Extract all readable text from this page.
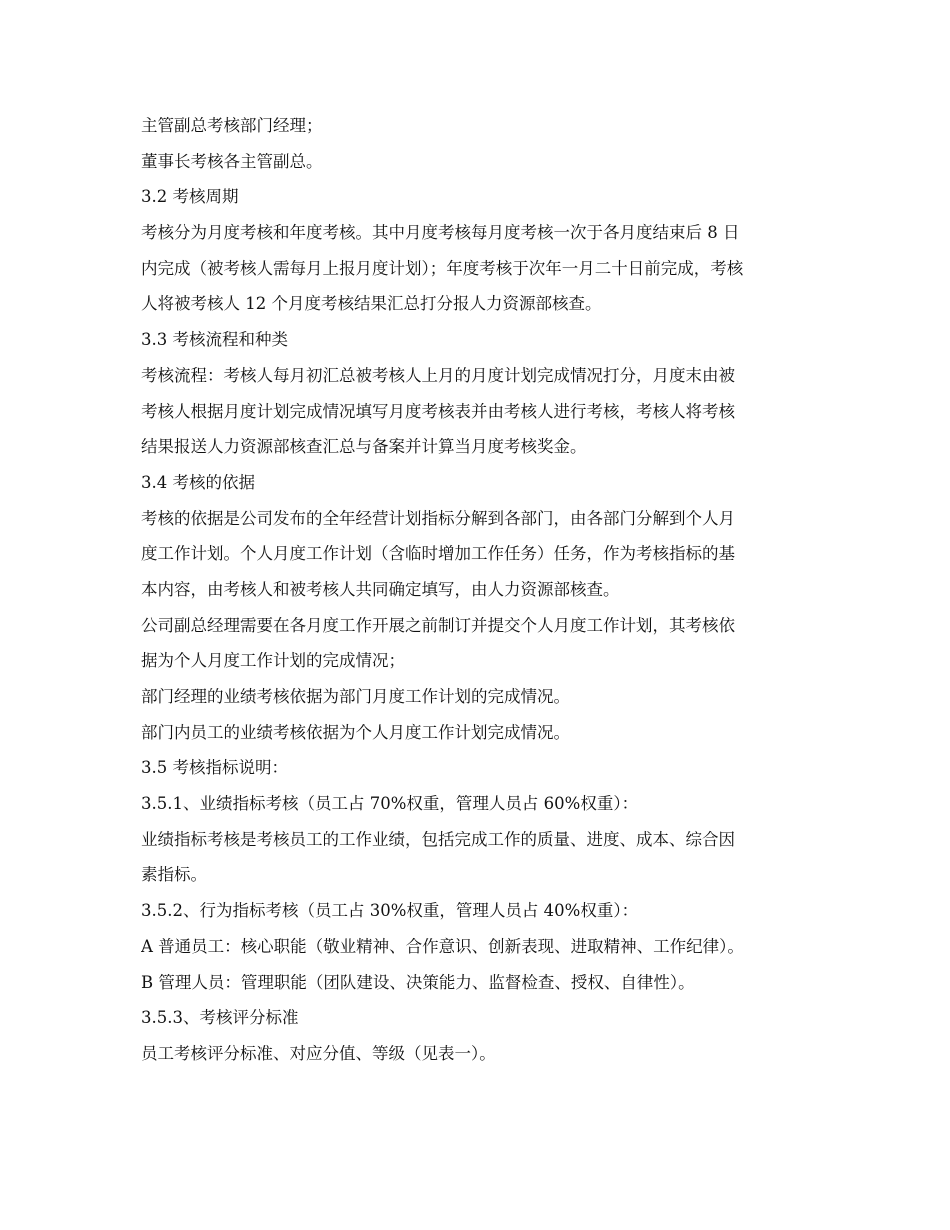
主管副总考核部门经理；
董事长考核各主管副总。
3.2 考核周期
考核分为月度考核和年度考核。其中月度考核每月度考核一次于各月度结束后 8 日
内完成（被考核人需每月上报月度计划）；年度考核于次年一月二十日前完成，考核
人将被考核人 12 个月度考核结果汇总打分报人力资源部核查。
3.3 考核流程和种类
考核流程：考核人每月初汇总被考核人上月的月度计划完成情况打分，月度末由被
考核人根据月度计划完成情况填写月度考核表并由考核人进行考核，考核人将考核
结果报送人力资源部核查汇总与备案并计算当月度考核奖金。
3.4 考核的依据
考核的依据是公司发布的全年经营计划指标分解到各部门，由各部门分解到个人月
度工作计划。个人月度工作计划（含临时增加工作任务）任务，作为考核指标的基
本内容，由考核人和被考核人共同确定填写，由人力资源部核查。
公司副总经理需要在各月度工作开展之前制订并提交个人月度工作计划，其考核依
据为个人月度工作计划的完成情况；
部门经理的业绩考核依据为部门月度工作计划的完成情况。
部门内员工的业绩考核依据为个人月度工作计划完成情况。
3.5 考核指标说明：
3.5.1、业绩指标考核（员工占 70%权重，管理人员占 60%权重）：
业绩指标考核是考核员工的工作业绩，包括完成工作的质量、进度、成本、综合因
素指标。
3.5.2、行为指标考核（员工占 30%权重，管理人员占 40%权重）：
A 普通员工：核心职能（敬业精神、合作意识、创新表现、进取精神、工作纪律）。
B 管理人员：管理职能（团队建设、决策能力、监督检查、授权、自律性）。
3.5.3、考核评分标准
员工考核评分标准、对应分值、等级（见表一）。
